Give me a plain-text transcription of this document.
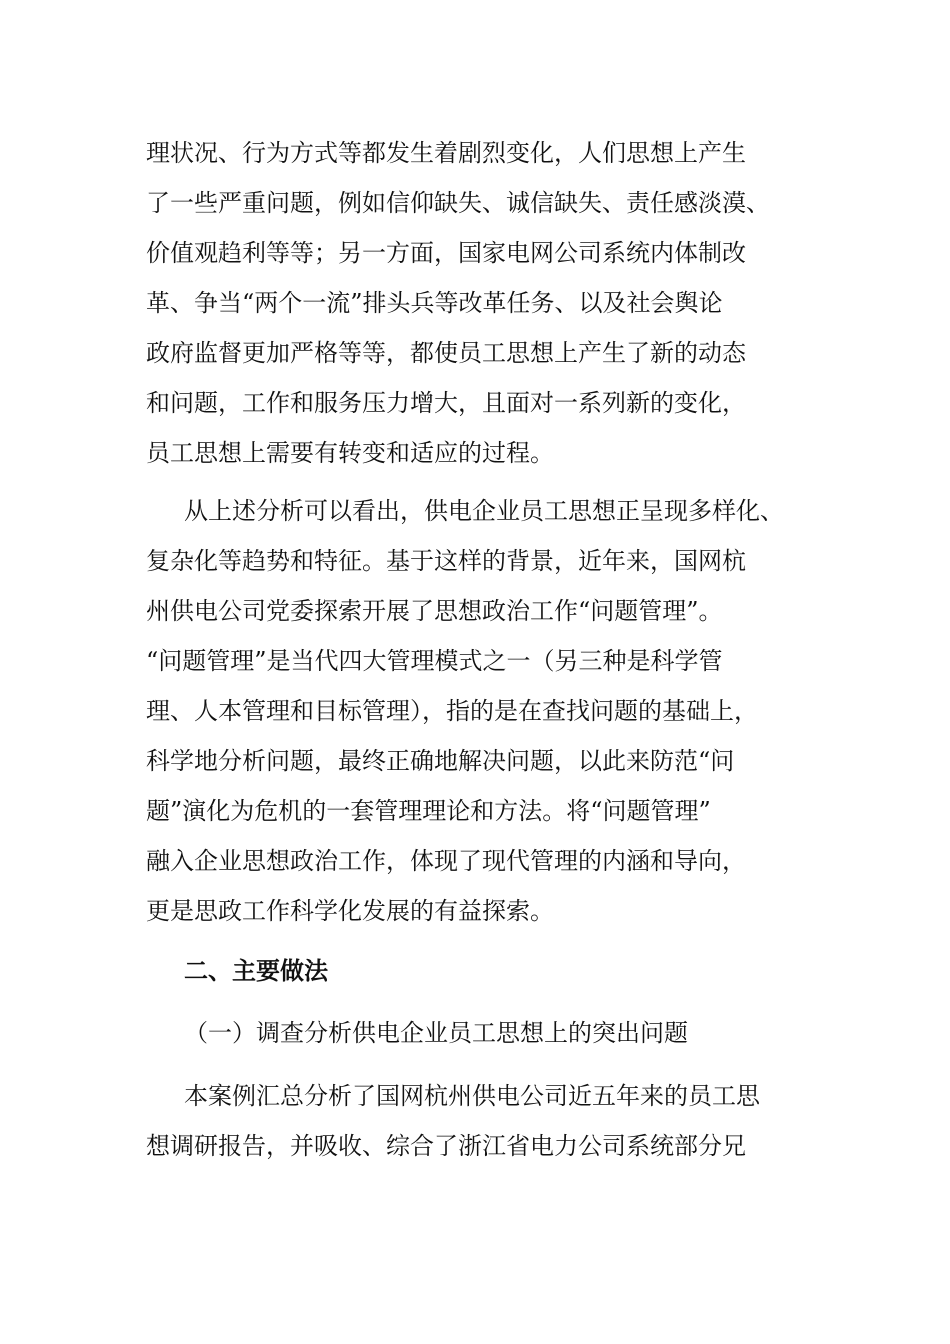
理状况、行为方式等都发生着剧烈变化，人们思想上产生
了一些严重问题，例如信仰缺失、诚信缺失、责任感淡漠、
价值观趋利等等；另一方面，国家电网公司系统内体制改
革、争当“两个一流”排头兵等改革任务、以及社会舆论
政府监督更加严格等等，都使员工思想上产生了新的动态
和问题，工作和服务压力增大，且面对一系列新的变化，
员工思想上需要有转变和适应的过程。
从上述分析可以看出，供电企业员工思想正呈现多样化、
复杂化等趋势和特征。基于这样的背景，近年来，国网杭
州供电公司党委探索开展了思想政治工作“问题管理”。
“问题管理”是当代四大管理模式之一（另三种是科学管
理、人本管理和目标管理），指的是在查找问题的基础上，
科学地分析问题，最终正确地解决问题，以此来防范“问
题”演化为危机的一套管理理论和方法。将“问题管理”
融入企业思想政治工作，体现了现代管理的内涵和导向，
更是思政工作科学化发展的有益探索。
二、主要做法
（一）调查分析供电企业员工思想上的突出问题
本案例汇总分析了国网杭州供电公司近五年来的员工思
想调研报告，并吸收、综合了浙江省电力公司系统部分兄
